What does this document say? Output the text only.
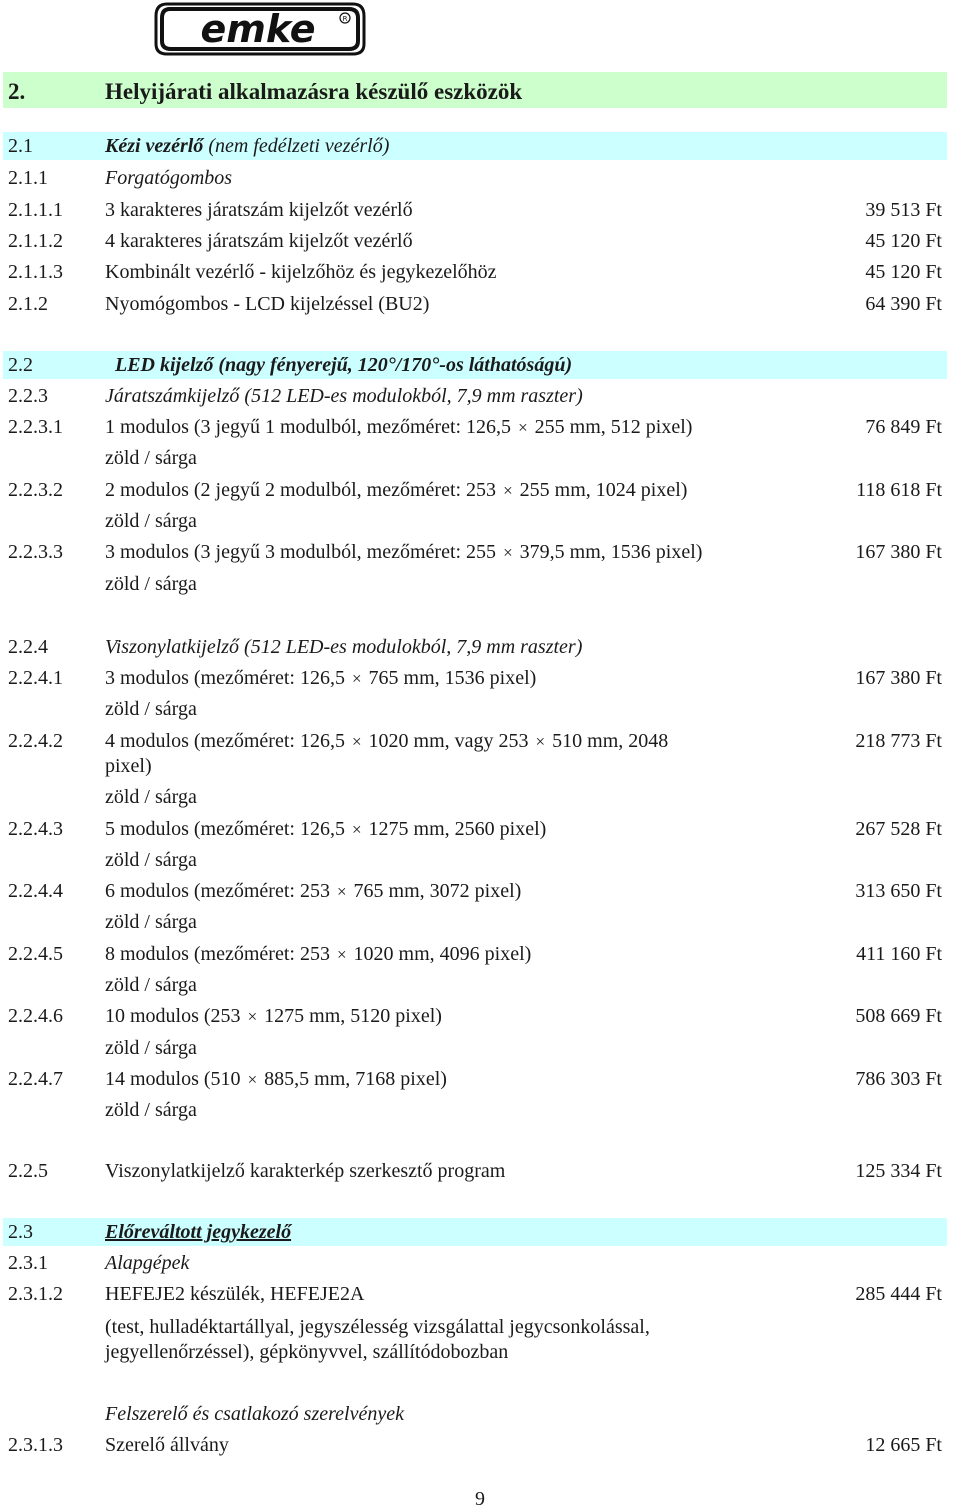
emke	R
2.	Helyijárati alkalmazásra készülő eszközök
2.1	Kézi vezérlő (nem fedélzeti vezérlő)
2.1.1	Forgatógombos
2.1.1.1 3 karakteres járatszám kijelzőt vezérlő	39 513 Ft
2.1.1.2 4 karakteres járatszám kijelzőt vezérlő	45 120 Ft
2.1.1.3 Kombinált vezérlő - kijelzőhöz és jegykezelőhöz	45 120 Ft
2.1.2	Nyomógombos - LCD kijelzéssel (BU2)	64 390 Ft
2.2	LED kijelző (nagy fényerejű, 120°/170°-os láthatóságú)
2.2.3	Járatszámkijelző (512 LED-es modulokból, 7,9 mm raszter)
2.2.3.1 1 modulos (3 jegyű 1 modulból, mezőméret: 126,5 × 255 mm, 512 pixel)	76 849 Ft
zöld / sárga
2.2.3.2 2 modulos (2 jegyű 2 modulból, mezőméret: 253 × 255 mm, 1024 pixel)	118 618 Ft
zöld / sárga
2.2.3.3 3 modulos (3 jegyű 3 modulból, mezőméret: 255 × 379,5 mm, 1536 pixel)	167 380 Ft
zöld / sárga
2.2.4	Viszonylatkijelző (512 LED-es modulokból, 7,9 mm raszter)
2.2.4.1 3 modulos (mezőméret: 126,5 × 765 mm, 1536 pixel)	167 380 Ft
zöld / sárga
2.2.4.2 4 modulos (mezőméret: 126,5 × 1020 mm, vagy 253 × 510 mm, 2048	218 773 Ft
pixel)
zöld / sárga
2.2.4.3 5 modulos (mezőméret: 126,5 × 1275 mm, 2560 pixel)	267 528 Ft
zöld / sárga
2.2.4.4 6 modulos (mezőméret: 253 × 765 mm, 3072 pixel)	313 650 Ft
zöld / sárga
2.2.4.5 8 modulos (mezőméret: 253 × 1020 mm, 4096 pixel)	411 160 Ft
zöld / sárga
2.2.4.6 10 modulos (253 × 1275 mm, 5120 pixel)	508 669 Ft
zöld / sárga
2.2.4.7 14 modulos (510 × 885,5 mm, 7168 pixel)	786 303 Ft
zöld / sárga
2.2.5	Viszonylatkijelző karakterkép szerkesztő program	125 334 Ft
2.3	Előreváltott jegykezelő
2.3.1	Alapgépek
2.3.1.2 HEFEJE2 készülék, HEFEJE2A	285 444 Ft
(test, hulladéktartállyal, jegyszélesség vizsgálattal jegycsonkolással,
jegyellenőrzéssel), gépkönyvvel, szállítódobozban
Felszerelő és csatlakozó szerelvények
2.3.1.3 Szerelő állvány	12 665 Ft
9
